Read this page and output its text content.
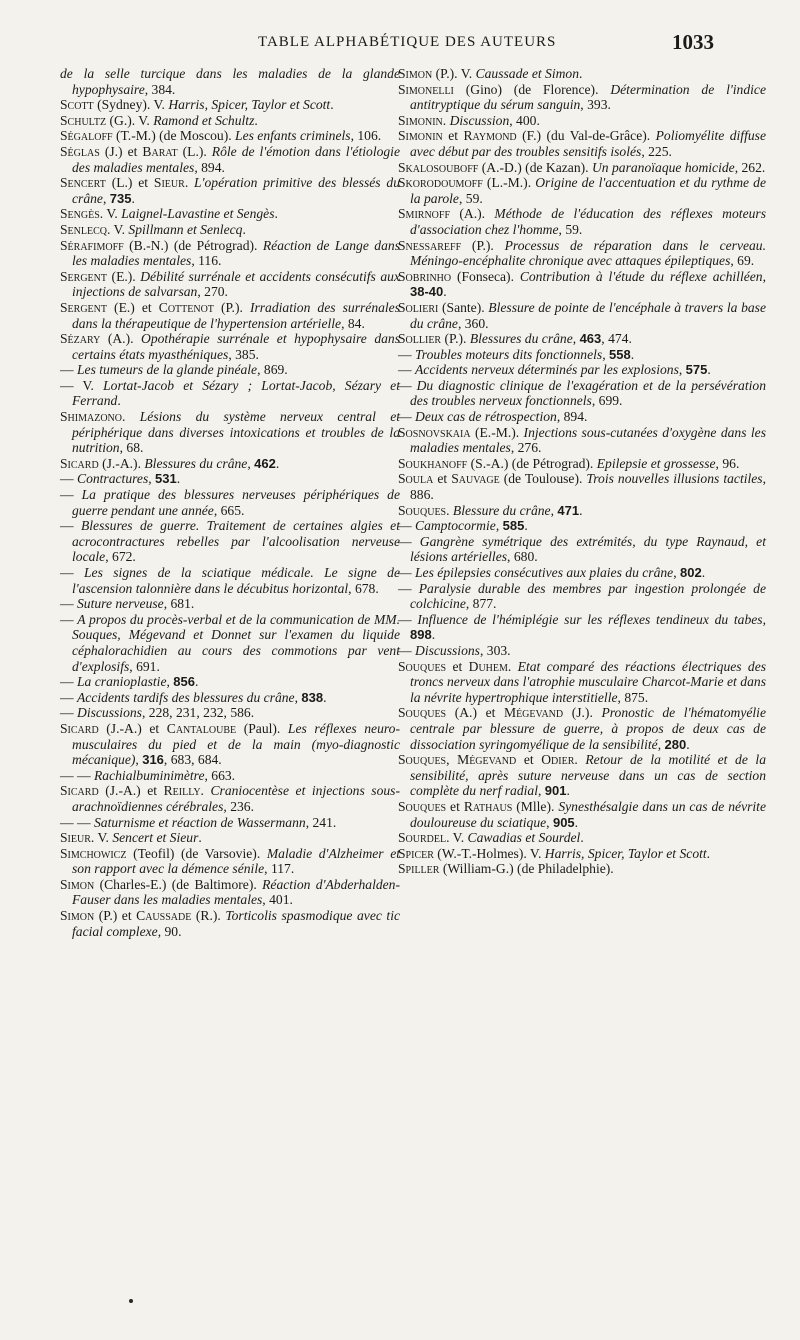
TABLE ALPHABÉTIQUE DES AUTEURS	1033
de la selle turcique dans les maladies de la glande hypophysaire, 384.
Scott (Sydney). V. Harris, Spicer, Taylor et Scott.
Schultz (G.). V. Ramond et Schultz.
Ségaloff (T.-M.) (de Moscou). Les enfants criminels, 106.
Séglas (J.) et Barat (L.). Rôle de l'émotion dans l'étiologie des maladies mentales, 894.
Sencert (L.) et Sieur. L'opération primitive des blessés du crâne, 735.
Sengès. V. Laignel-Lavastine et Sengès.
Senlecq. V. Spillmann et Senlecq.
Sérafimoff (B.-N.) (de Pétrograd). Réaction de Lange dans les maladies mentales, 116.
Sergent (E.). Débilité surrénale et accidents consécutifs aux injections de salvarsan, 270.
Sergent (E.) et Cottenot (P.). Irradiation des surrénales dans la thérapeutique de l'hypertension artérielle, 84.
Sézary (A.). Opothérapie surrénale et hypophysaire dans certains états myasthéniques, 385.
— Les tumeurs de la glande pinéale, 869.
— V. Lortat-Jacob et Sézary ; Lortat-Jacob, Sézary et Ferrand.
Shimazono. Lésions du système nerveux central et périphérique dans diverses intoxications et troubles de la nutrition, 68.
Sicard (J.-A.). Blessures du crâne, 462.
— Contractures, 531.
— La pratique des blessures nerveuses périphériques de guerre pendant une année, 665.
— Blessures de guerre. Traitement de certaines algies et acrocontractures rebelles par l'alcoolisation nerveuse locale, 672.
— Les signes de la sciatique médicale. Le signe de l'ascension talonnière dans le décubitus horizontal, 678.
— Suture nerveuse, 681.
— A propos du procès-verbal et de la communication de MM. Souques, Mégevand et Donnet sur l'examen du liquide céphalorachidien au cours des commotions par vent d'explosifs, 691.
— La cranioplastie, 856.
— Accidents tardifs des blessures du crâne, 838.
— Discussions, 228, 231, 232, 586.
Sicard (J.-A.) et Cantaloube (Paul). Les réflexes neuro-musculaires du pied et de la main (myo-diagnostic mécanique), 316, 683, 684.
— — Rachialbuminimètre, 663.
Sicard (J.-A.) et Reilly. Craniocentèse et injections sous-arachnoïdiennes cérébrales, 236.
— — Saturnisme et réaction de Wassermann, 241.
Sieur. V. Sencert et Sieur.
Simchowicz (Teofil) (de Varsovie). Maladie d'Alzheimer et son rapport avec la démence sénile, 117.
Simon (Charles-E.) (de Baltimore). Réaction d'Abderhalden-Fauser dans les maladies mentales, 401.
Simon (P.) et Caussade (R.). Torticolis spasmodique avec tic facial complexe, 90.
Simon (P.). V. Caussade et Simon.
Simonelli (Gino) (de Florence). Détermination de l'indice antitryptique du sérum sanguin, 393.
Simonin. Discussion, 400.
Simonin et Raymond (F.) (du Val-de-Grâce). Poliomyélite diffuse avec début par des troubles sensitifs isolés, 225.
Skalosouboff (A.-D.) (de Kazan). Un paranoïaque homicide, 262.
Skorodoumoff (L.-M.). Origine de l'accentuation et du rythme de la parole, 59.
Smirnoff (A.). Méthode de l'éducation des réflexes moteurs d'association chez l'homme, 59.
Snessareff (P.). Processus de réparation dans le cerveau. Méningo-encéphalite chronique avec attaques épileptiques, 69.
Sobrinho (Fonseca). Contribution à l'étude du réflexe achilléen, 38-40.
Solieri (Sante). Blessure de pointe de l'encéphale à travers la base du crâne, 360.
Sollier (P.). Blessures du crâne, 463, 474.
— Troubles moteurs dits fonctionnels, 558.
— Accidents nerveux déterminés par les explosions, 575.
— Du diagnostic clinique de l'exagération et de la persévération des troubles nerveux fonctionnels, 699.
— Deux cas de rétrospection, 894.
Sosnovskaia (E.-M.). Injections sous-cutanées d'oxygène dans les maladies mentales, 276.
Soukhanoff (S.-A.) (de Pétrograd). Epilepsie et grossesse, 96.
Soula et Sauvage (de Toulouse). Trois nouvelles illusions tactiles, 886.
Souques. Blessure du crâne, 471.
— Camptocormie, 585.
— Gangrène symétrique des extrémités, du type Raynaud, et lésions artérielles, 680.
— Les épilepsies consécutives aux plaies du crâne, 802.
— Paralysie durable des membres par ingestion prolongée de colchicine, 877.
— Influence de l'hémiplégie sur les réflexes tendineux du tabes, 898.
— Discussions, 303.
Souques et Duhem. Etat comparé des réactions électriques des troncs nerveux dans l'atrophie musculaire Charcot-Marie et dans la névrite hypertrophique interstitielle, 875.
Souques (A.) et Mégevand (J.). Pronostic de l'hématomyélie centrale par blessure de guerre, à propos de deux cas de dissociation syringomyélique de la sensibilité, 280.
Souques, Mégevand et Odier. Retour de la motilité et de la sensibilité, après suture nerveuse dans un cas de section complète du nerf radial, 901.
Souques et Rathaus (Mlle). Synesthésalgie dans un cas de névrite douloureuse du sciatique, 905.
Sourdel. V. Cawadias et Sourdel.
Spicer (W.-T.-Holmes). V. Harris, Spicer, Taylor et Scott.
Spiller (William-G.) (de Philadelphie).
